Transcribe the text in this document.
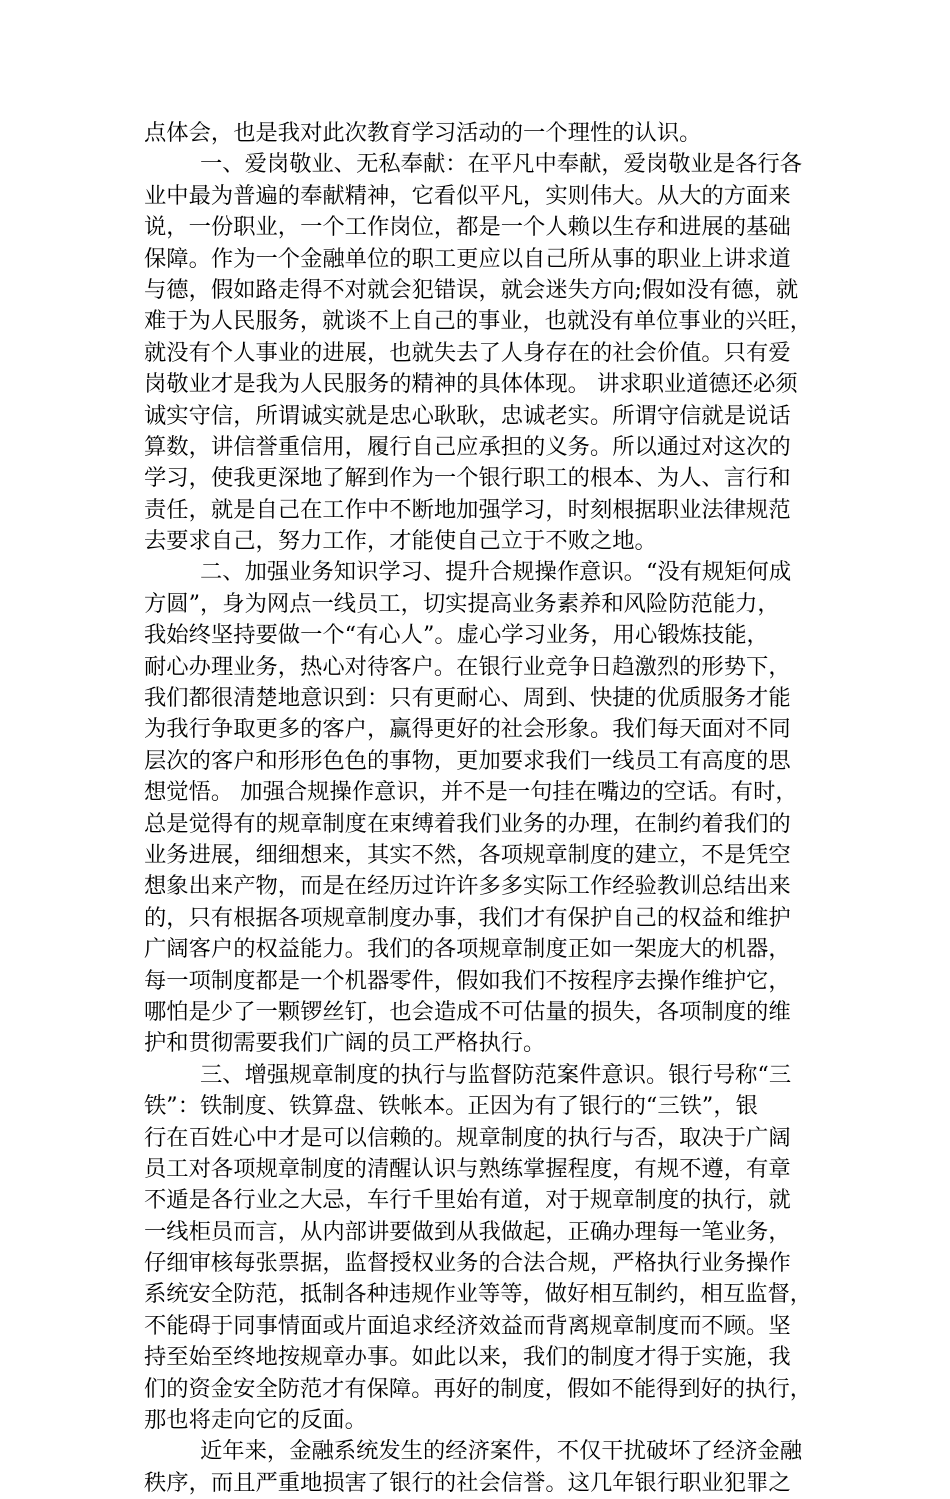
点体会，也是我对此次教育学习活动的一个理性的认识。
一、爱岗敬业、无私奉献：在平凡中奉献，爱岗敬业是各行各
业中最为普遍的奉献精神，它看似平凡，实则伟大。从大的方面来
说，一份职业，一个工作岗位，都是一个人赖以生存和进展的基础
保障。作为一个金融单位的职工更应以自己所从事的职业上讲求道
与德，假如路走得不对就会犯错误，就会迷失方向;假如没有德，就
难于为人民服务，就谈不上自己的事业，也就没有单位事业的兴旺，
就没有个人事业的进展，也就失去了人身存在的社会价值。只有爱
岗敬业才是我为人民服务的精神的具体体现。 讲求职业道德还必须
诚实守信，所谓诚实就是忠心耿耿，忠诚老实。所谓守信就是说话
算数，讲信誉重信用，履行自己应承担的义务。所以通过对这次的
学习，使我更深地了解到作为一个银行职工的根本、为人、言行和
责任，就是自己在工作中不断地加强学习，时刻根据职业法律规范
去要求自己，努力工作，才能使自己立于不败之地。
二、加强业务知识学习、提升合规操作意识。“没有规矩何成
方圆”，身为网点一线员工，切实提高业务素养和风险防范能力，
我始终坚持要做一个“有心人”。虚心学习业务，用心锻炼技能，
耐心办理业务，热心对待客户。在银行业竞争日趋激烈的形势下，
我们都很清楚地意识到：只有更耐心、周到、快捷的优质服务才能
为我行争取更多的客户，赢得更好的社会形象。我们每天面对不同
层次的客户和形形色色的事物，更加要求我们一线员工有高度的思
想觉悟。 加强合规操作意识，并不是一句挂在嘴边的空话。有时，
总是觉得有的规章制度在束缚着我们业务的办理，在制约着我们的
业务进展，细细想来，其实不然，各项规章制度的建立，不是凭空
想象出来产物，而是在经历过许许多多实际工作经验教训总结出来
的，只有根据各项规章制度办事，我们才有保护自己的权益和维护
广阔客户的权益能力。我们的各项规章制度正如一架庞大的机器，
每一项制度都是一个机器零件，假如我们不按程序去操作维护它，
哪怕是少了一颗锣丝钉，也会造成不可估量的损失，各项制度的维
护和贯彻需要我们广阔的员工严格执行。
三、增强规章制度的执行与监督防范案件意识。银行号称“三
铁”：铁制度、铁算盘、铁帐本。正因为有了银行的“三铁”，银
行在百姓心中才是可以信赖的。规章制度的执行与否，取决于广阔
员工对各项规章制度的清醒认识与熟练掌握程度，有规不遵，有章
不遁是各行业之大忌，车行千里始有道，对于规章制度的执行，就
一线柜员而言，从内部讲要做到从我做起，正确办理每一笔业务，
仔细审核每张票据，监督授权业务的合法合规，严格执行业务操作
系统安全防范，抵制各种违规作业等等，做好相互制约，相互监督，
不能碍于同事情面或片面追求经济效益而背离规章制度而不顾。坚
持至始至终地按规章办事。如此以来，我们的制度才得于实施，我
们的资金安全防范才有保障。再好的制度，假如不能得到好的执行，
那也将走向它的反面。
近年来，金融系统发生的经济案件，不仅干扰破坏了经济金融
秩序，而且严重地损害了银行的社会信誉。这几年银行职业犯罪之
